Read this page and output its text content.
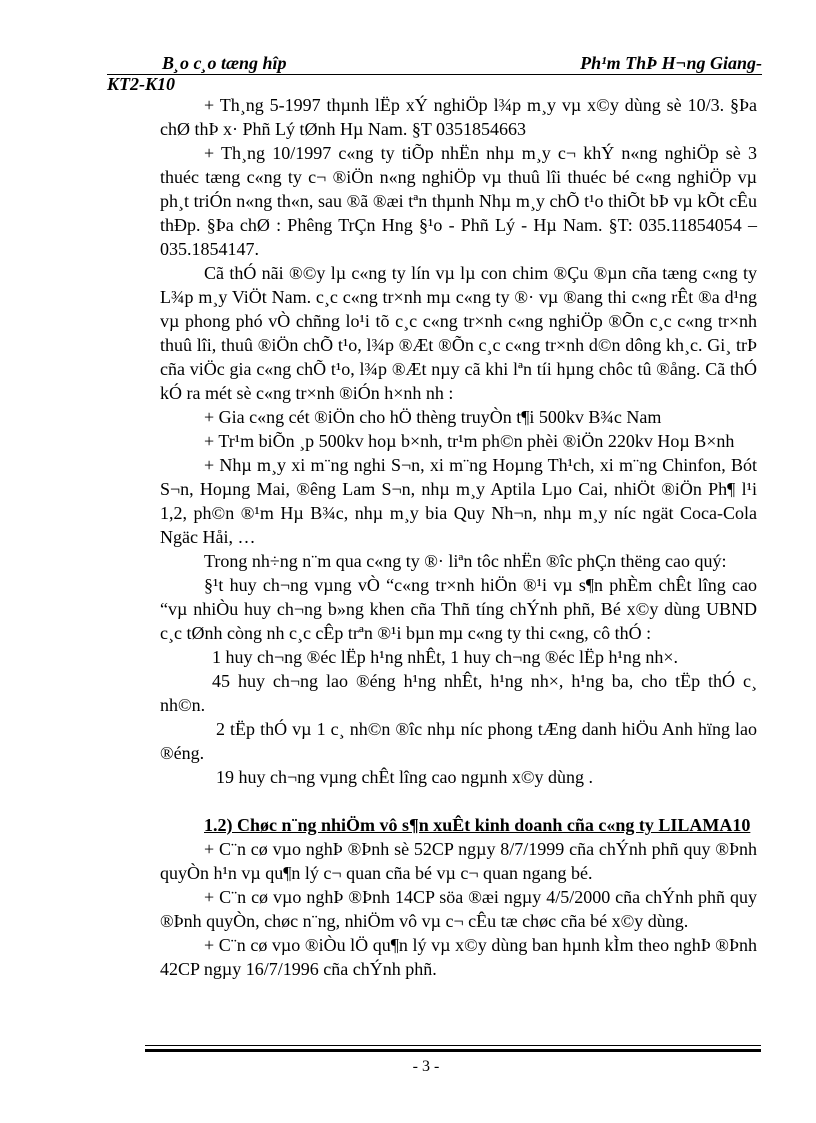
B¸o c¸o tæng hîp	Ph¹m ThÞ H¬ng Giang-
KT2-K10

+ Th¸ng 5-1997 thµnh lËp xÝ nghiÖp l¾p m¸y vµ x©y dùng sè 10/3. §Þa chØ thÞ x· Phñ Lý tØnh Hµ Nam. §T 0351854663

+ Th¸ng 10/1997 c«ng ty tiÕp nhËn nhµ m¸y c¬ khÝ n«ng nghiÖp sè 3 thuéc tæng c«ng ty c¬ ®iÖn n«ng nghiÖp vµ thuû lîi thuéc bé c«ng nghiÖp vµ ph¸t triÓn n«ng th«n, sau ®ã ®æi tªn thµnh Nhµ m¸y chÕ t¹o thiÕt bÞ vµ kÕt cÊu thÐp. §Þa chØ : Phêng TrÇn Hng §¹o - Phñ Lý - Hµ Nam. §T: 035.11854054 – 035.1854147.

Cã thÓ nãi ®©y lµ c«ng ty lín vµ lµ con chim ®Çu ®µn cña tæng c«ng ty L¾p m¸y ViÖt Nam. c¸c c«ng tr×nh mµ c«ng ty ®· vµ ®ang thi c«ng rÊt ®a d¹ng vµ phong phó vÒ chñng lo¹i tõ c¸c c«ng tr×nh c«ng nghiÖp ®Õn c¸c c«ng tr×nh thuû lîi, thuû ®iÖn chÕ t¹o, l¾p ®Æt ®Õn c¸c c«ng tr×nh d©n dông kh¸c. Gi¸ trÞ cña viÖc gia c«ng chÕ t¹o, l¾p ®Æt nµy cã khi lªn tíi hµng chôc tû ®ång. Cã thÓ kÓ ra mét sè c«ng tr×nh ®iÓn h×nh nh :

+ Gia c«ng cét ®iÖn cho hÖ thèng truyÒn t¶i 500kv B¾c Nam

+ Tr¹m biÕn ¸p 500kv hoµ b×nh, tr¹m ph©n phèi ®iÖn 220kv Hoµ B×nh

+ Nhµ m¸y xi m¨ng nghi S¬n, xi m¨ng Hoµng Th¹ch, xi m¨ng Chinfon, Bót S¬n, Hoµng Mai, ®êng Lam S¬n, nhµ m¸y Aptila Lµo Cai, nhiÖt ®iÖn Ph¶ l¹i 1,2, ph©n ®¹m Hµ B¾c, nhµ m¸y bia Quy Nh¬n, nhµ m¸y níc ngät Coca-Cola Ngäc Håi, …

Trong nh÷ng n¨m qua c«ng ty ®· liªn tôc nhËn ®îc phÇn thëng cao quý:

§¹t huy ch¬ng vµng vÒ “c«ng tr×nh hiÖn ®¹i vµ s¶n phÈm chÊt lîng cao “vµ nhiÒu huy ch¬ng b»ng khen cña Thñ tíng chÝnh phñ, Bé x©y dùng UBND c¸c tØnh còng nh c¸c cÊp trªn ®¹i bµn mµ c«ng ty thi c«ng, cô thÓ :

1 huy ch¬ng ®éc lËp h¹ng nhÊt, 1 huy ch¬ng ®éc lËp h¹ng nh×.

45 huy ch¬ng lao ®éng h¹ng nhÊt, h¹ng nh×, h¹ng ba, cho tËp thÓ c¸ nh©n.

2 tËp thÓ vµ 1 c¸ nh©n ®îc nhµ níc phong tÆng danh hiÖu Anh hïng lao ®éng.

19 huy ch¬ng vµng chÊt lîng cao ngµnh x©y dùng .

1.2) Chøc n¨ng nhiÖm vô s¶n xuÊt kinh doanh cña c«ng ty LILAMA10

+ C¨n cø vµo nghÞ ®Þnh sè 52CP ngµy 8/7/1999 cña chÝnh phñ quy ®Þnh quyÒn h¹n vµ qu¶n lý c¬ quan cña bé vµ c¬ quan ngang bé.

+ C¨n cø vµo nghÞ ®Þnh 14CP söa ®æi ngµy 4/5/2000 cña chÝnh phñ quy ®Þnh quyÒn, chøc n¨ng, nhiÖm vô vµ c¬ cÊu tæ chøc cña bé x©y dùng.

+ C¨n cø vµo ®iÒu lÖ qu¶n lý vµ x©y dùng ban hµnh kÌm theo nghÞ ®Þnh 42CP ngµy 16/7/1996 cña chÝnh phñ.

- 3 -
